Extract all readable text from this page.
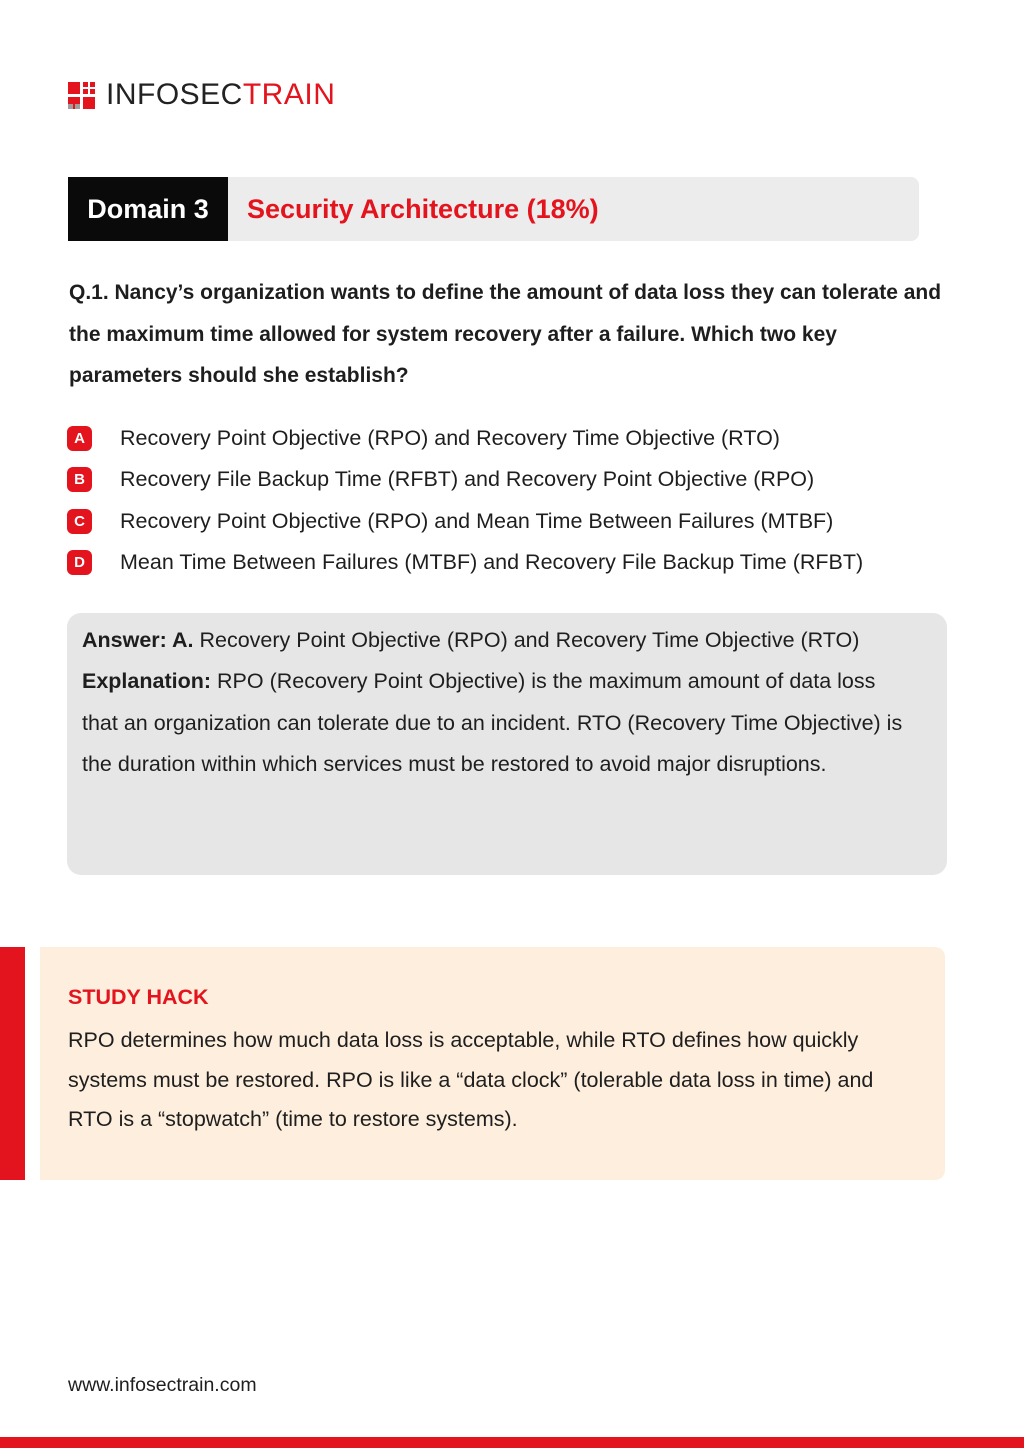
INFOSECTRAIN
Domain 3	Security Architecture (18%)
Q.1. Nancy’s organization wants to define the amount of data loss they can tolerate and the maximum time allowed for system recovery after a failure. Which two key parameters should she establish?
A	Recovery Point Objective (RPO) and Recovery Time Objective (RTO)
B	Recovery File Backup Time (RFBT) and Recovery Point Objective (RPO)
C	Recovery Point Objective (RPO) and Mean Time Between Failures (MTBF)
D	Mean Time Between Failures (MTBF) and Recovery File Backup Time (RFBT)
Answer: A. Recovery Point Objective (RPO) and Recovery Time Objective (RTO)
Explanation: RPO (Recovery Point Objective) is the maximum amount of data loss that an organization can tolerate due to an incident. RTO (Recovery Time Objective) is the duration within which services must be restored to avoid major disruptions.
STUDY HACK
RPO determines how much data loss is acceptable, while RTO defines how quickly systems must be restored. RPO is like a “data clock” (tolerable data loss in time) and RTO is a “stopwatch” (time to restore systems).
www.infosectrain.com
